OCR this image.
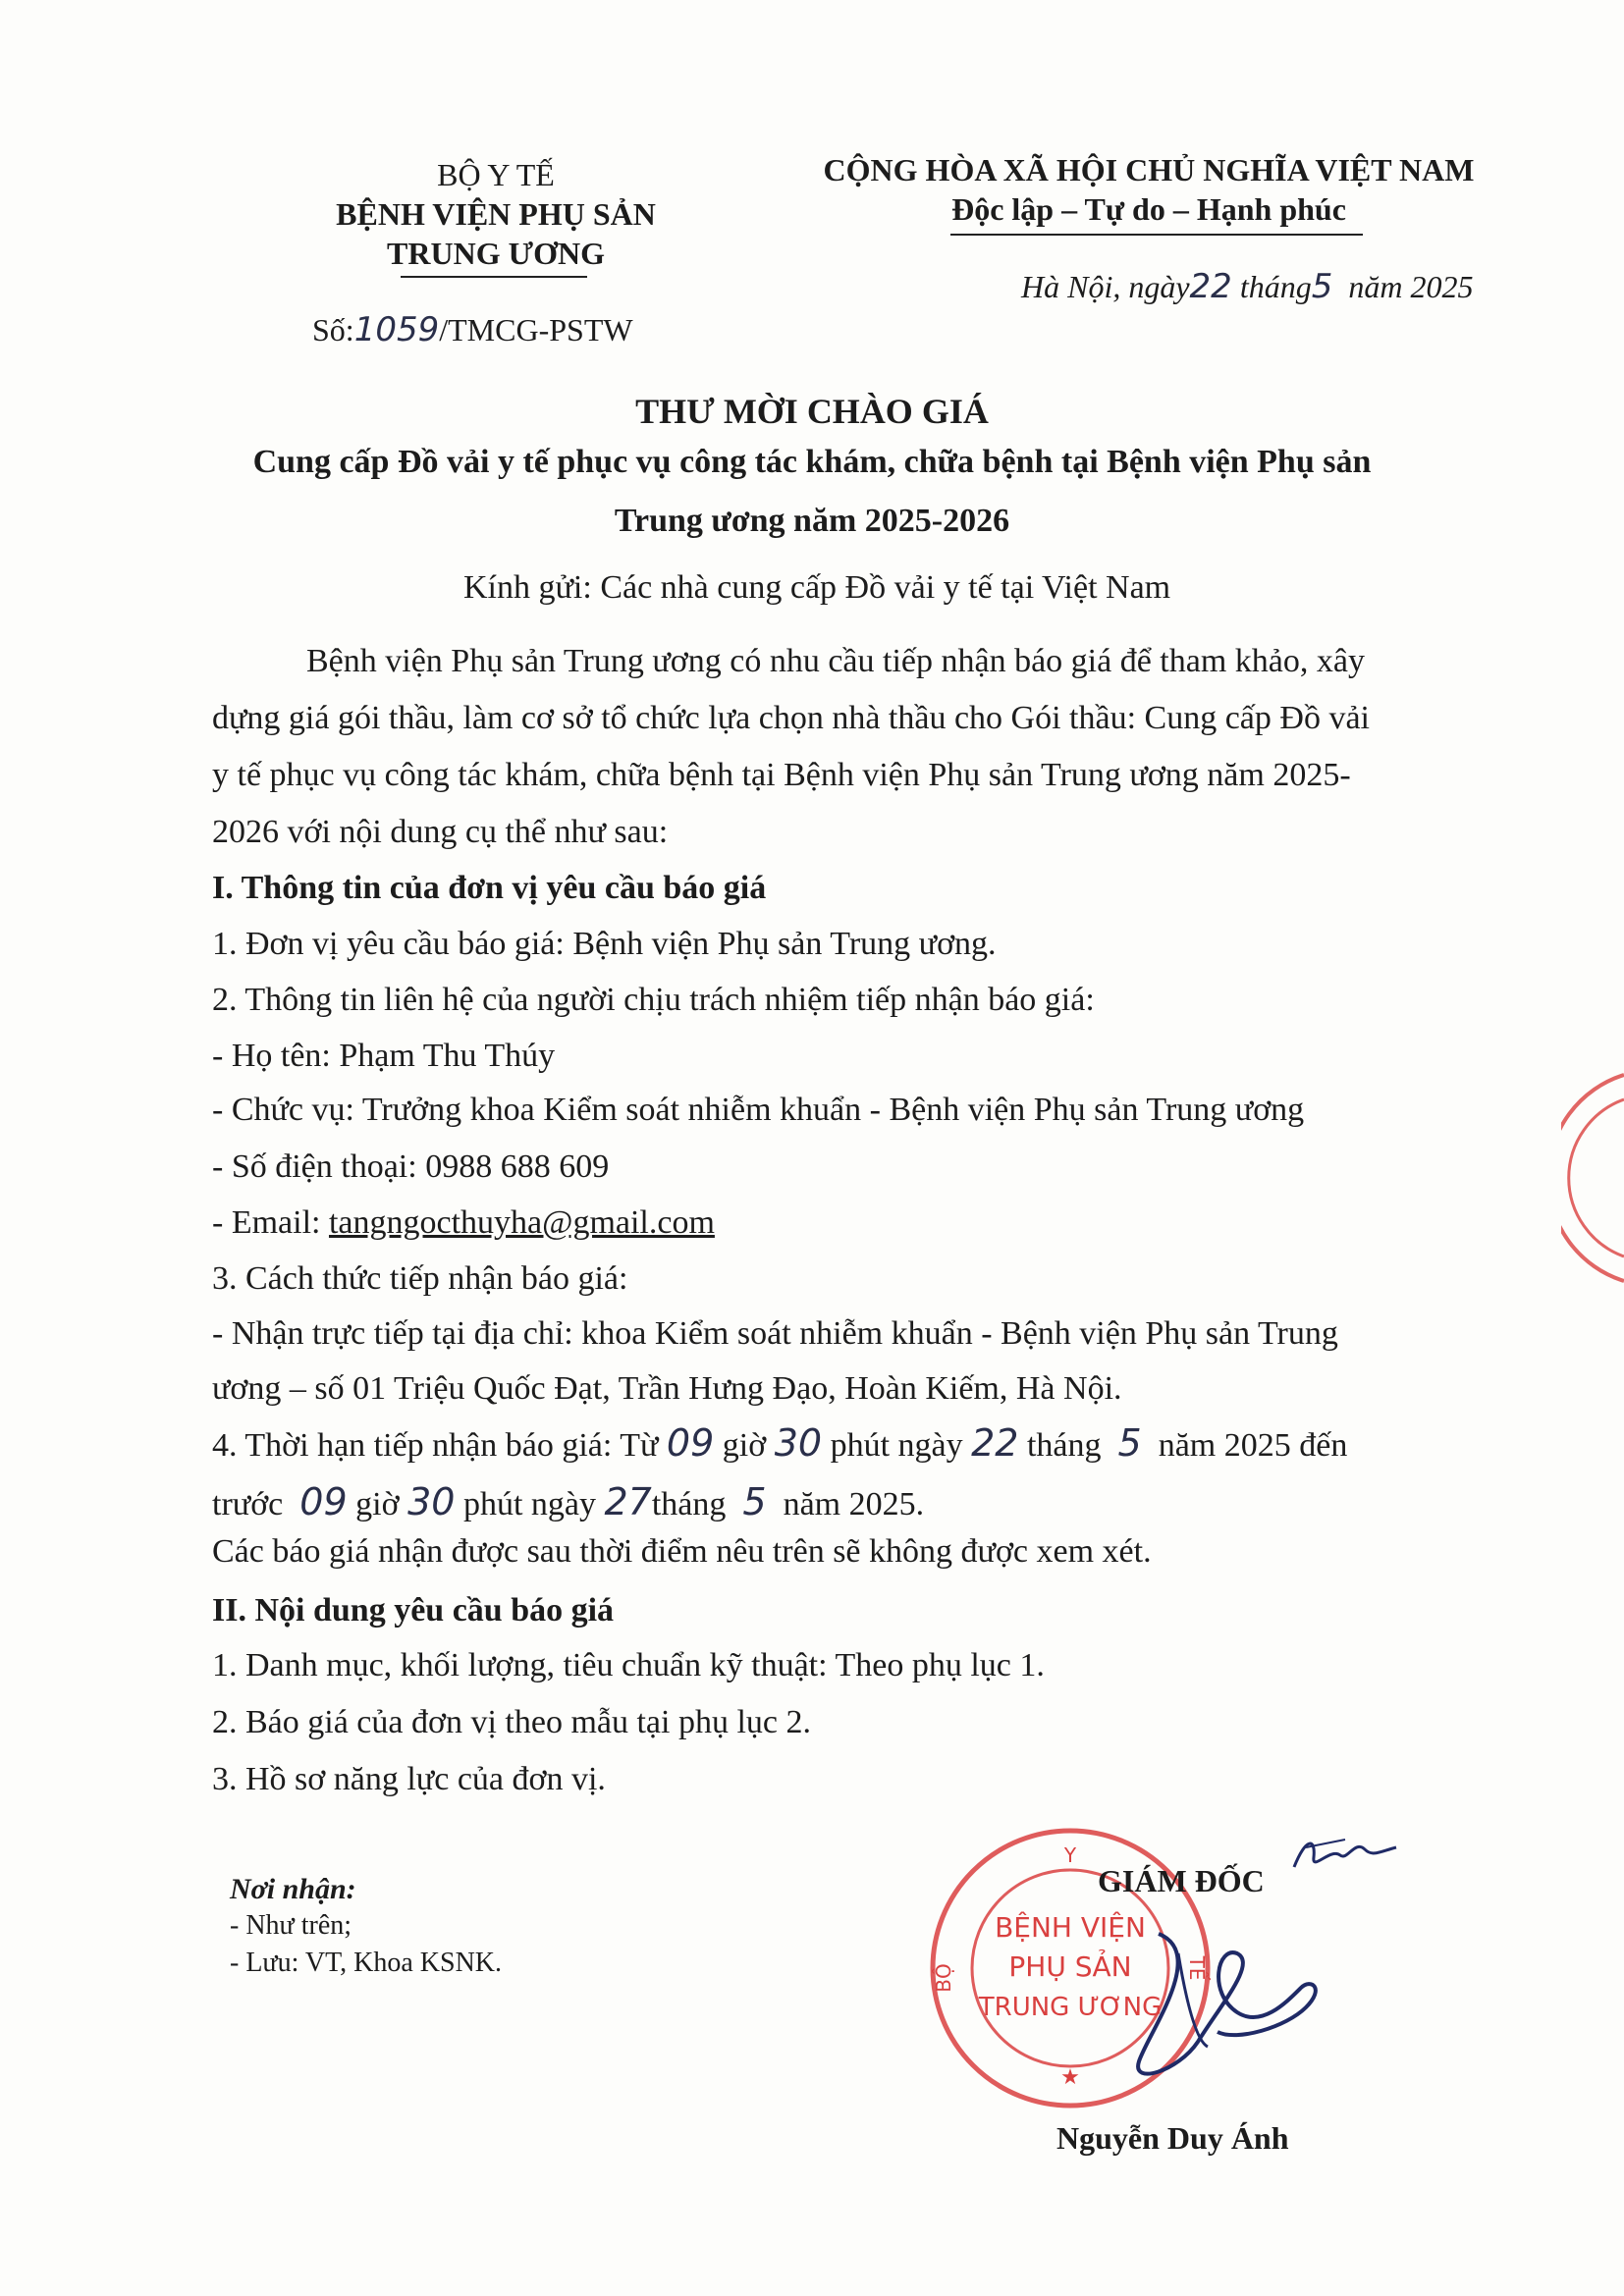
BỘ Y TẾ
BỆNH VIỆN PHỤ SẢN
TRUNG ƯƠNG
Số:1059/TMCG-PSTW
CỘNG HÒA XÃ HỘI CHỦ NGHĨA VIỆT NAM
Độc lập – Tự do – Hạnh phúc
Hà Nội, ngày22 tháng5 năm 2025
THƯ MỜI CHÀO GIÁ
Cung cấp Đồ vải y tế phục vụ công tác khám, chữa bệnh tại Bệnh viện Phụ sản
Trung ương năm 2025-2026
Kính gửi: Các nhà cung cấp Đồ vải y tế tại Việt Nam
Bệnh viện Phụ sản Trung ương có nhu cầu tiếp nhận báo giá để tham khảo, xây
dựng giá gói thầu, làm cơ sở tổ chức lựa chọn nhà thầu cho Gói thầu: Cung cấp Đồ vải
y tế phục vụ công tác khám, chữa bệnh tại Bệnh viện Phụ sản Trung ương năm 2025-
2026 với nội dung cụ thể như sau:
I. Thông tin của đơn vị yêu cầu báo giá
1. Đơn vị yêu cầu báo giá: Bệnh viện Phụ sản Trung ương.
2. Thông tin liên hệ của người chịu trách nhiệm tiếp nhận báo giá:
- Họ tên: Phạm Thu Thúy
- Chức vụ: Trưởng khoa Kiểm soát nhiễm khuẩn - Bệnh viện Phụ sản Trung ương
- Số điện thoại: 0988 688 609
- Email: tangngocthuyha@gmail.com
3. Cách thức tiếp nhận báo giá:
- Nhận trực tiếp tại địa chỉ: khoa Kiểm soát nhiễm khuẩn - Bệnh viện Phụ sản Trung
ương – số 01 Triệu Quốc Đạt, Trần Hưng Đạo, Hoàn Kiếm, Hà Nội.
4. Thời hạn tiếp nhận báo giá: Từ 09 giờ 30 phút ngày 22 tháng 5 năm 2025 đến
trước 09 giờ 30 phút ngày 27tháng 5 năm 2025.
Các báo giá nhận được sau thời điểm nêu trên sẽ không được xem xét.
II. Nội dung yêu cầu báo giá
1. Danh mục, khối lượng, tiêu chuẩn kỹ thuật: Theo phụ lục 1.
2. Báo giá của đơn vị theo mẫu tại phụ lục 2.
3. Hồ sơ năng lực của đơn vị.
Nơi nhận:
- Như trên;
- Lưu: VT, Khoa KSNK.
Y
BỘ	TẾ
BỆNH VIỆN
PHỤ SẢN
TRUNG ƯƠNG
★
GIÁM ĐỐC
Nguyễn Duy Ánh
